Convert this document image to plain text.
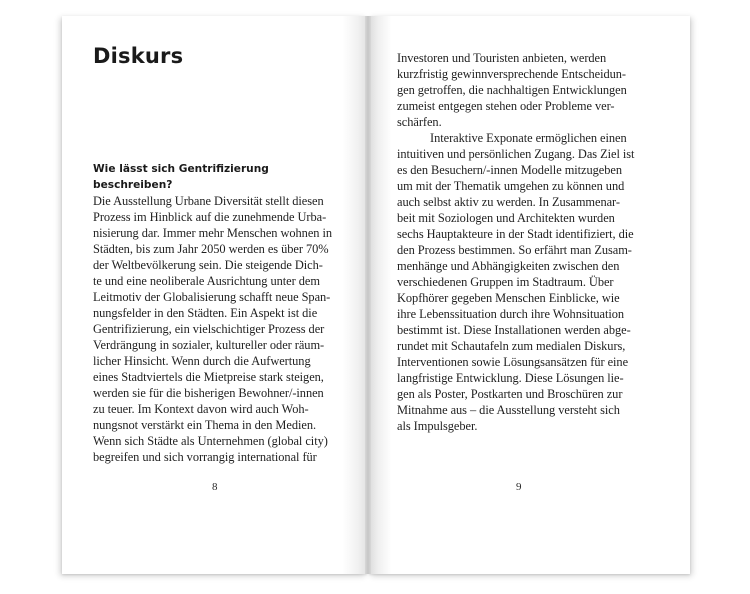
Diskurs
Wie lässt sich Gentrifizierung
beschreiben?
Die Ausstellung Urbane Diversität stellt diesen
Prozess im Hinblick auf die zunehmende Urba-
nisierung dar. Immer mehr Menschen wohnen in
Städten, bis zum Jahr 2050 werden es über 70%
der Weltbevölkerung sein. Die steigende Dich-
te und eine neoliberale Ausrichtung unter dem
Leitmotiv der Globalisierung schafft neue Span-
nungsfelder in den Städten. Ein Aspekt ist die
Gentrifizierung, ein vielschichtiger Prozess der
Verdrängung in sozialer, kultureller oder räum-
licher Hinsicht. Wenn durch die Aufwertung
eines Stadtviertels die Mietpreise stark steigen,
werden sie für die bisherigen Bewohner/-innen
zu teuer. Im Kontext davon wird auch Woh-
nungsnot verstärkt ein Thema in den Medien.
Wenn sich Städte als Unternehmen (global city)
begreifen und sich vorrangig international für
8
Investoren und Touristen anbieten, werden
kurzfristig gewinnversprechende Entscheidun-
gen getroffen, die nachhaltigen Entwicklungen
zumeist entgegen stehen oder Probleme ver-
schärfen.
Interaktive Exponate ermöglichen einen
intuitiven und persönlichen Zugang. Das Ziel ist
es den Besuchern/-innen Modelle mitzugeben
um mit der Thematik umgehen zu können und
auch selbst aktiv zu werden. In Zusammenar-
beit mit Soziologen und Architekten wurden
sechs Hauptakteure in der Stadt identifiziert, die
den Prozess bestimmen. So erfährt man Zusam-
menhänge und Abhängigkeiten zwischen den
verschiedenen Gruppen im Stadtraum. Über
Kopfhörer gegeben Menschen Einblicke, wie
ihre Lebenssituation durch ihre Wohnsituation
bestimmt ist. Diese Installationen werden abge-
rundet mit Schautafeln zum medialen Diskurs,
Interventionen sowie Lösungsansätzen für eine
langfristige Entwicklung. Diese Lösungen lie-
gen als Poster, Postkarten und Broschüren zur
Mitnahme aus – die Ausstellung versteht sich
als Impulsgeber.
9
